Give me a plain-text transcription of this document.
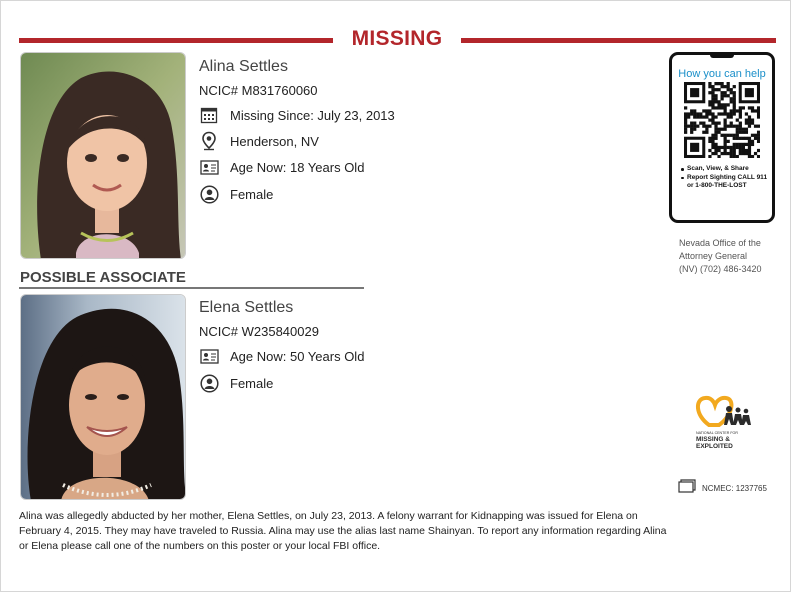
MISSING
Alina Settles
NCIC# M831760060
Missing Since: July 23, 2013
Henderson, NV
Age Now: 18 Years Old
Female
POSSIBLE ASSOCIATE
Elena Settles
NCIC# W235840029
Age Now: 50 Years Old
Female
How you can help
Scan, View, & Share
Report Sighting CALL 911 or 1-800-THE-LOST
Nevada Office of the
Attorney General
(NV) (702) 486-3420
NATIONAL CENTER FOR
MISSING &
EXPLOITED
NCMEC: 1237765
Alina was allegedly abducted by her mother, Elena Settles, on July 23, 2013. A felony warrant for Kidnapping was issued for Elena on February 4, 2015. They may have traveled to Russia. Alina may use the alias last name Shainyan. To report any information regarding Alina or Elena please call one of the numbers on this poster or your local FBI office.
